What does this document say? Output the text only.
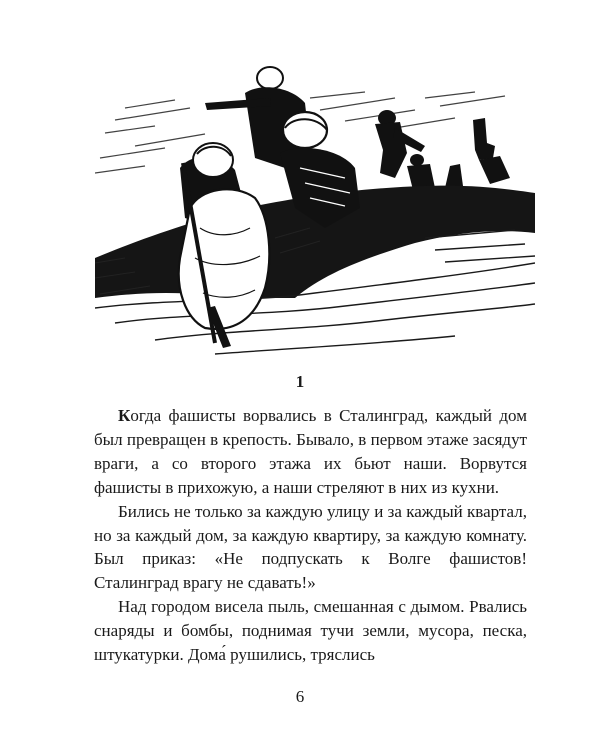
1

Когда фашисты ворвались в Сталинград, каждый дом был превращен в крепость. Бывало, в первом этаже засядут враги, а со второго этажа их бьют наши. Ворвутся фашисты в прихожую, а наши стреляют в них из кухни.

Бились не только за каждую улицу и за каждый квартал, но за каждый дом, за каждую квартиру, за каждую комнату. Был приказ: «Не подпускать к Волге фашистов! Сталинград врагу не сдавать!»

Над городом висела пыль, смешанная с дымом. Рвались снаряды и бомбы, поднимая тучи земли, мусора, песка, штукатурки. Дома́ рушились, тряслись

6
